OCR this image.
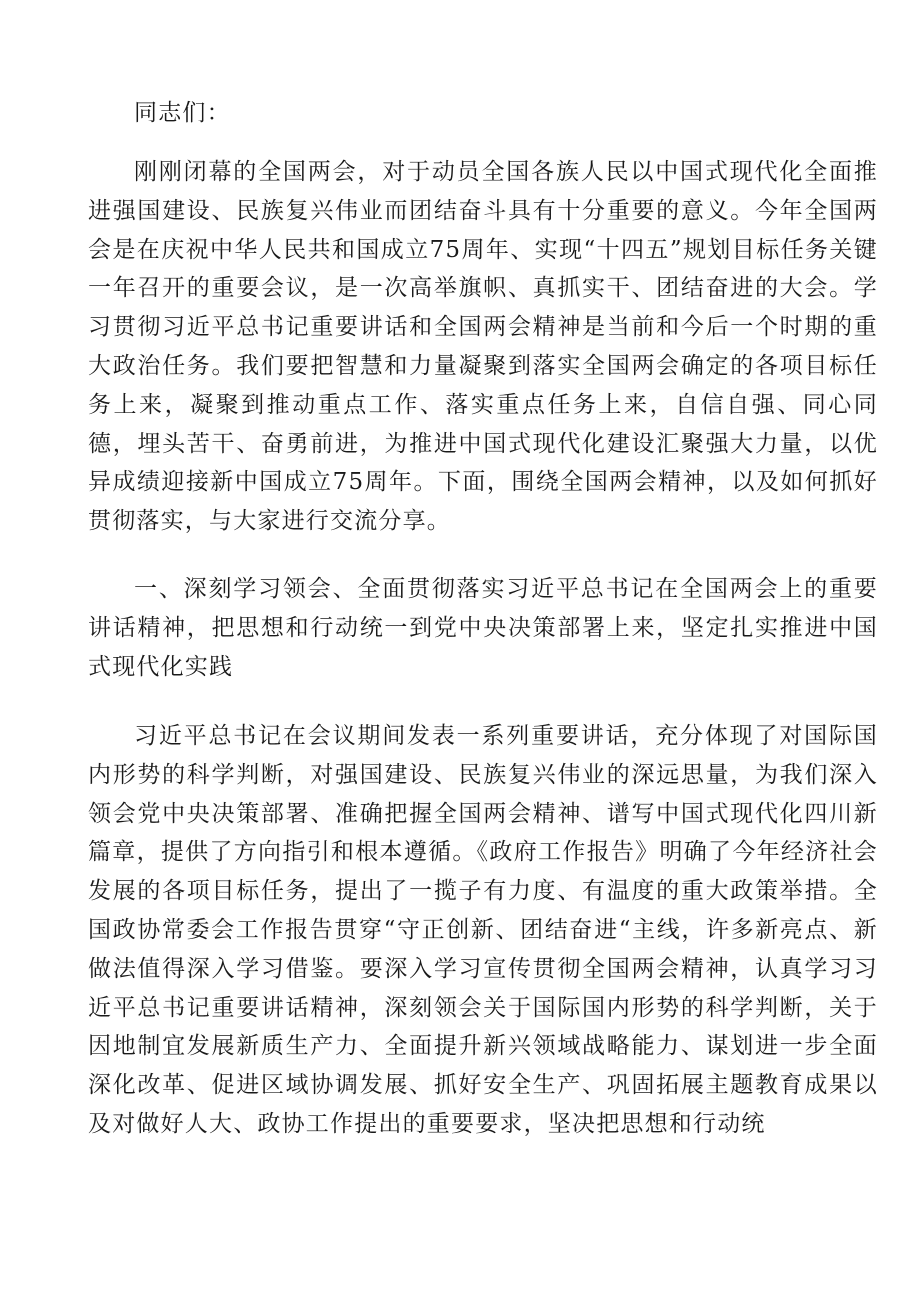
同志们：

刚刚闭幕的全国两会，对于动员全国各族人民以中国式现代化全面推进强国建设、民族复兴伟业而团结奋斗具有十分重要的意义。今年全国两会是在庆祝中华人民共和国成立75周年、实现“十四五”规划目标任务关键一年召开的重要会议，是一次高举旗帜、真抓实干、团结奋进的大会。学习贯彻习近平总书记重要讲话和全国两会精神是当前和今后一个时期的重大政治任务。我们要把智慧和力量凝聚到落实全国两会确定的各项目标任务上来，凝聚到推动重点工作、落实重点任务上来，自信自强、同心同德，埋头苦干、奋勇前进，为推进中国式现代化建设汇聚强大力量，以优异成绩迎接新中国成立75周年。下面，围绕全国两会精神，以及如何抓好贯彻落实，与大家进行交流分享。

一、深刻学习领会、全面贯彻落实习近平总书记在全国两会上的重要讲话精神，把思想和行动统一到党中央决策部署上来，坚定扎实推进中国式现代化实践

习近平总书记在会议期间发表一系列重要讲话，充分体现了对国际国内形势的科学判断，对强国建设、民族复兴伟业的深远思量，为我们深入领会党中央决策部署、准确把握全国两会精神、谱写中国式现代化四川新篇章，提供了方向指引和根本遵循。《政府工作报告》明确了今年经济社会发展的各项目标任务，提出了一揽子有力度、有温度的重大政策举措。全国政协常委会工作报告贯穿“守正创新、团结奋进“主线，许多新亮点、新做法值得深入学习借鉴。要深入学习宣传贯彻全国两会精神，认真学习习近平总书记重要讲话精神，深刻领会关于国际国内形势的科学判断，关于因地制宜发展新质生产力、全面提升新兴领域战略能力、谋划进一步全面深化改革、促进区域协调发展、抓好安全生产、巩固拓展主题教育成果以及对做好人大、政协工作提出的重要要求，坚决把思想和行动统
